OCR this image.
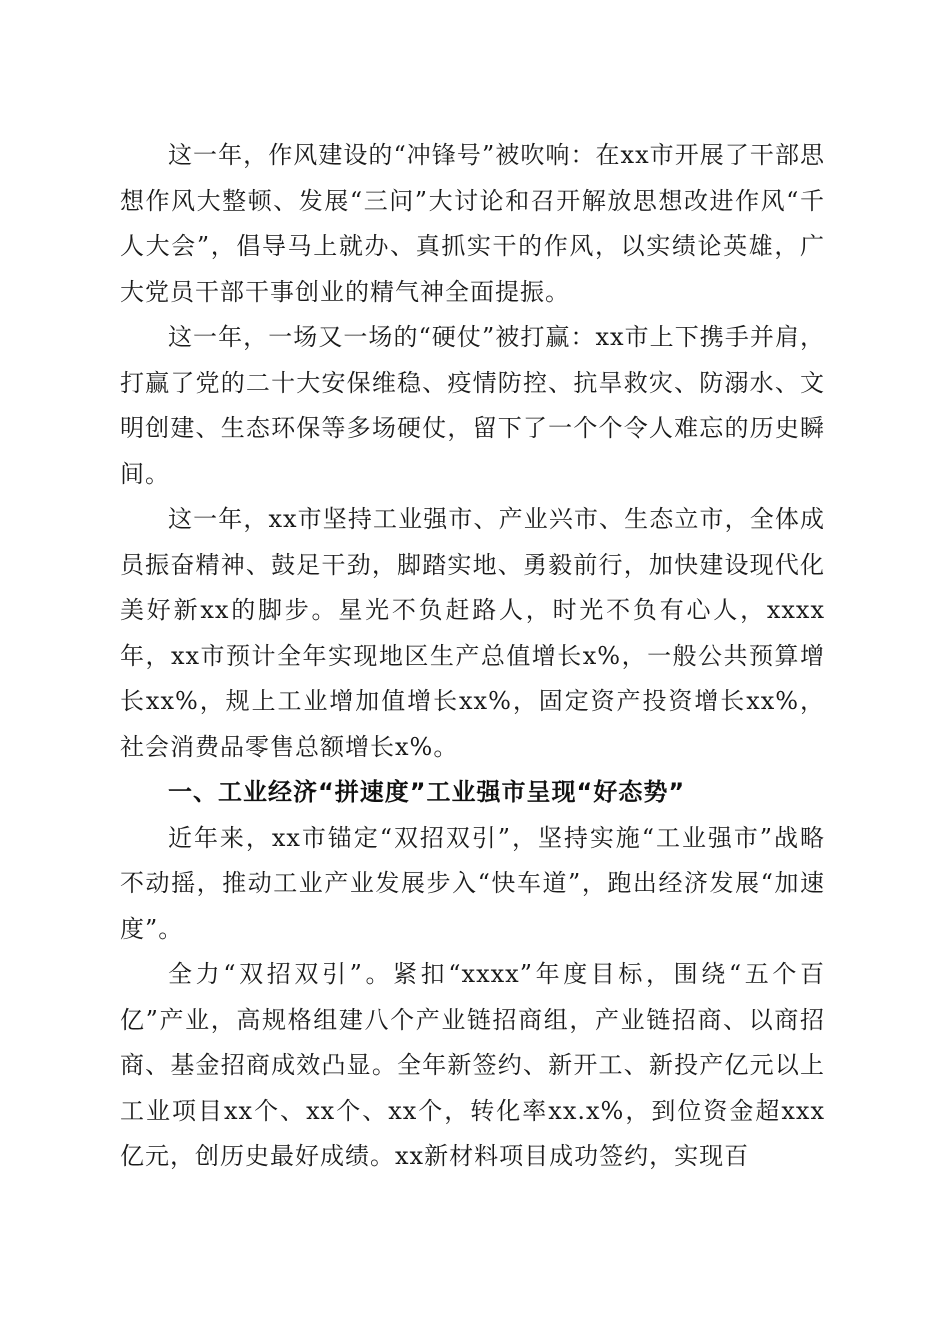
这一年，作风建设的“冲锋号”被吹响：在xx市开展了干部思想作风大整顿、发展“三问”大讨论和召开解放思想改进作风“千人大会”，倡导马上就办、真抓实干的作风，以实绩论英雄，广大党员干部干事创业的精气神全面提振。

这一年，一场又一场的“硬仗”被打赢：xx市上下携手并肩，打赢了党的二十大安保维稳、疫情防控、抗旱救灾、防溺水、文明创建、生态环保等多场硬仗，留下了一个个令人难忘的历史瞬间。

这一年，xx市坚持工业强市、产业兴市、生态立市，全体成员振奋精神、鼓足干劲，脚踏实地、勇毅前行，加快建设现代化美好新xx的脚步。星光不负赶路人，时光不负有心人，xxxx年，xx市预计全年实现地区生产总值增长x%，一般公共预算增长xx%，规上工业增加值增长xx%，固定资产投资增长xx%，社会消费品零售总额增长x%。

一、工业经济“拼速度”工业强市呈现“好态势”

近年来，xx市锚定“双招双引”，坚持实施“工业强市”战略不动摇，推动工业产业发展步入“快车道”，跑出经济发展“加速度”。

全力“双招双引”。紧扣“xxxx”年度目标，围绕“五个百亿”产业，高规格组建八个产业链招商组，产业链招商、以商招商、基金招商成效凸显。全年新签约、新开工、新投产亿元以上工业项目xx个、xx个、xx个，转化率xx.x%，到位资金超xxx亿元，创历史最好成绩。xx新材料项目成功签约，实现百
